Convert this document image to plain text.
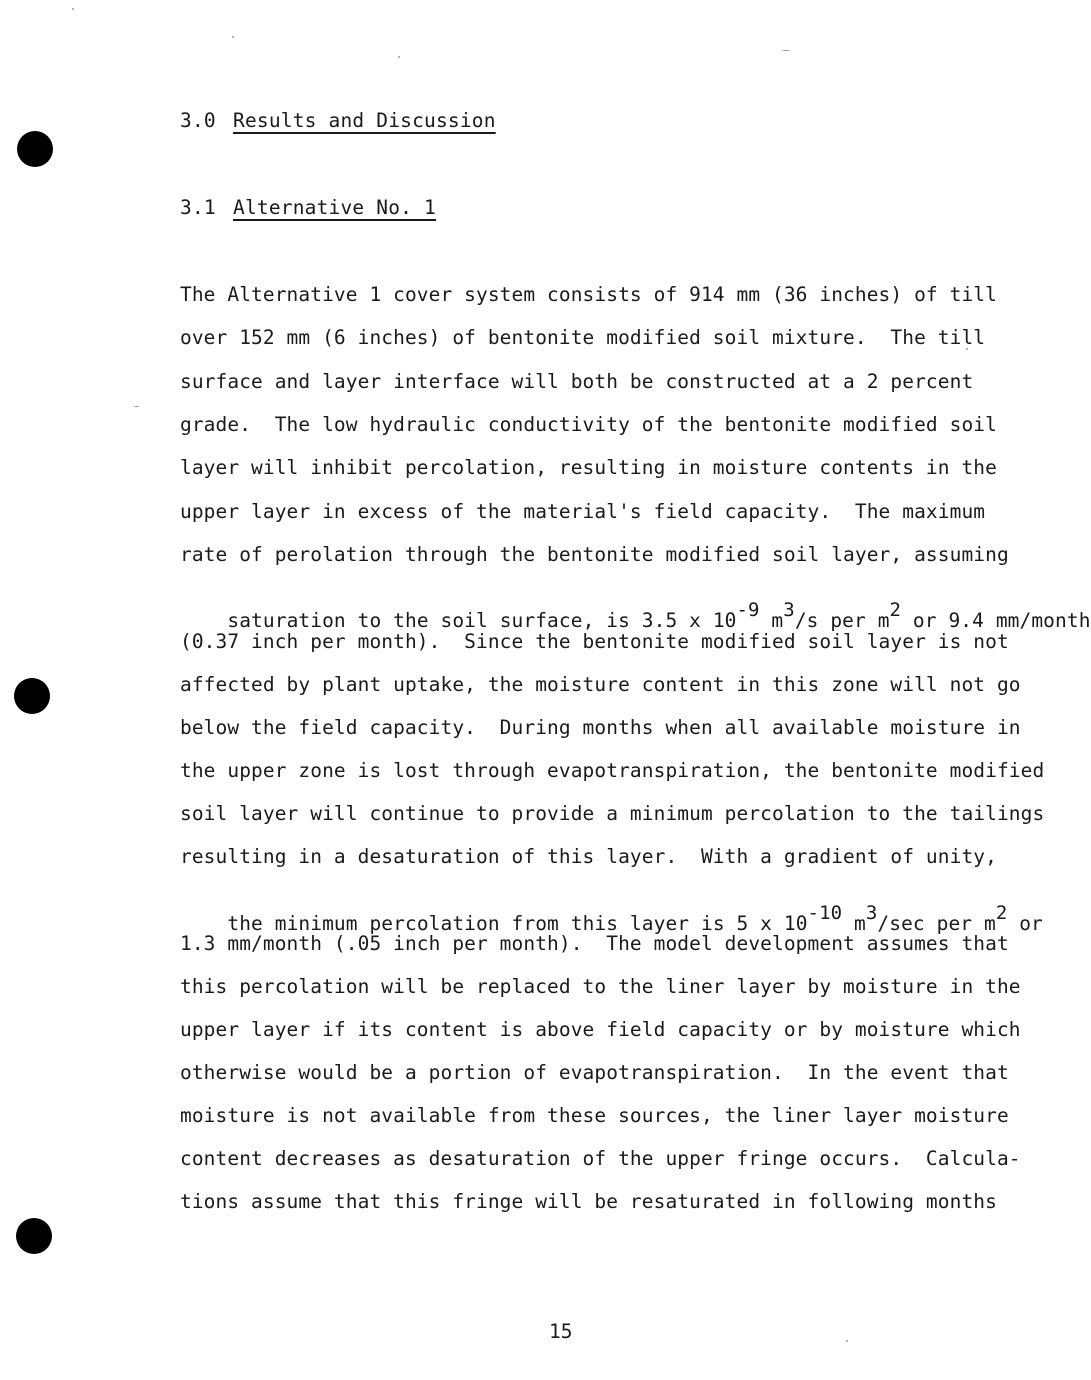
3.0 Results and Discussion
3.1 Alternative No. 1
The Alternative 1 cover system consists of 914 mm (36 inches) of till
over 152 mm (6 inches) of bentonite modified soil mixture.  The till
surface and layer interface will both be constructed at a 2 percent
grade.  The low hydraulic conductivity of the bentonite modified soil
layer will inhibit percolation, resulting in moisture contents in the
upper layer in excess of the material's field capacity.  The maximum
rate of perolation through the bentonite modified soil layer, assuming

saturation to the soil surface, is 3.5 x 10-9 m3/s per m2 or 9.4 mm/month

(0.37 inch per month).  Since the bentonite modified soil layer is not
affected by plant uptake, the moisture content in this zone will not go
below the field capacity.  During months when all available moisture in
the upper zone is lost through evapotranspiration, the bentonite modified
soil layer will continue to provide a minimum percolation to the tailings
resulting in a desaturation of this layer.  With a gradient of unity,

the minimum percolation from this layer is 5 x 10-10 m3/sec per m2 or

1.3 mm/month (.05 inch per month).  The model development assumes that
this percolation will be replaced to the liner layer by moisture in the
upper layer if its content is above field capacity or by moisture which
otherwise would be a portion of evapotranspiration.  In the event that
moisture is not available from these sources, the liner layer moisture
content decreases as desaturation of the upper fringe occurs.  Calcula-
tions assume that this fringe will be resaturated in following months
15
